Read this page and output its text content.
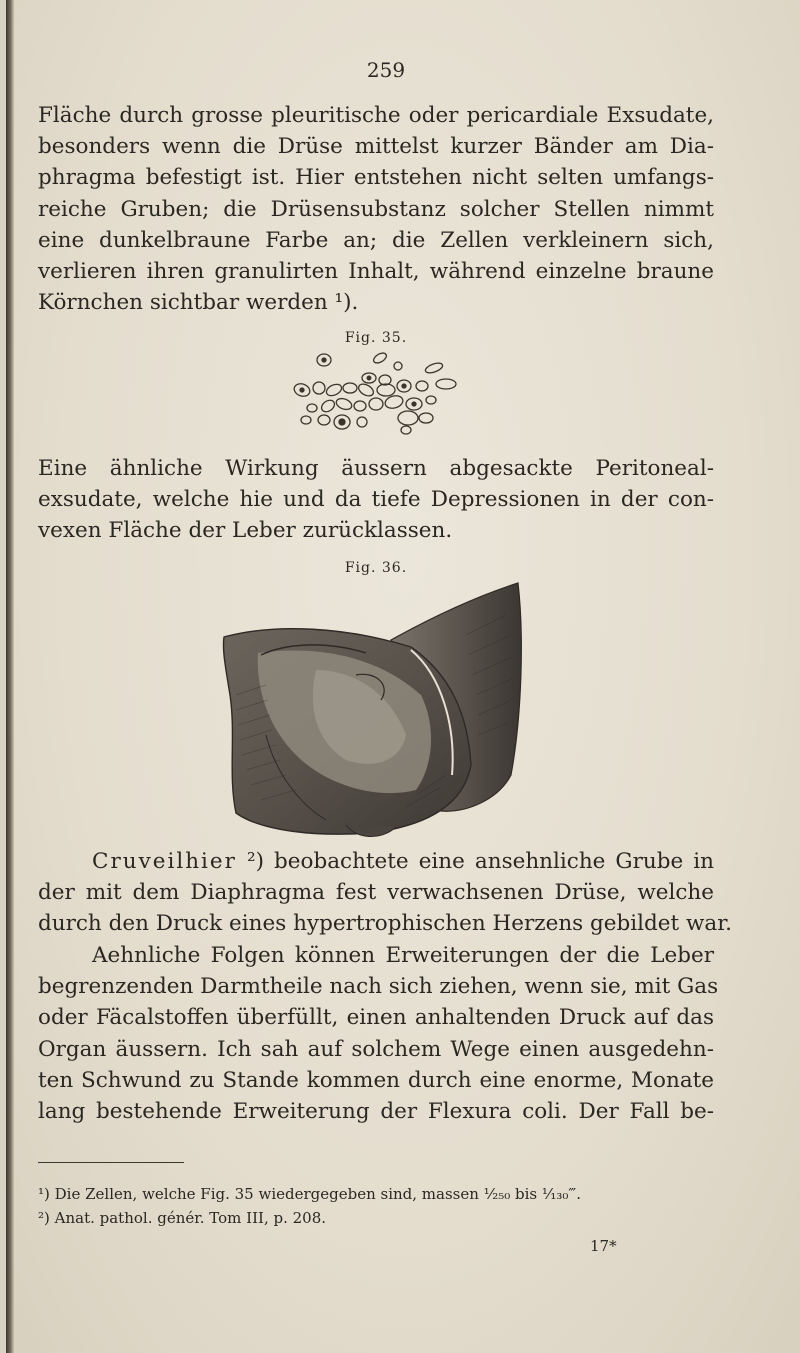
259
Fläche durch grosse pleuritische oder pericardiale Exsudate,
besonders wenn die Drüse mittelst kurzer Bänder am Dia-
phragma befestigt ist. Hier entstehen nicht selten umfangs-
reiche Gruben; die Drüsensubstanz solcher Stellen nimmt
eine dunkelbraune Farbe an; die Zellen verkleinern sich,
verlieren ihren granulirten Inhalt, während einzelne braune
Körnchen sichtbar werden ¹).
Fig. 35.
Eine ähnliche Wirkung äussern abgesackte Peritoneal-
exsudate, welche hie und da tiefe Depressionen in der con-
vexen Fläche der Leber zurücklassen.
Fig. 36.
Cruveilhier ²) beobachtete eine ansehnliche Grube in
der mit dem Diaphragma fest verwachsenen Drüse, welche
durch den Druck eines hypertrophischen Herzens gebildet war.
Aehnliche Folgen können Erweiterungen der die Leber
begrenzenden Darmtheile nach sich ziehen, wenn sie, mit Gas
oder Fäcalstoffen überfüllt, einen anhaltenden Druck auf das
Organ äussern. Ich sah auf solchem Wege einen ausgedehn-
ten Schwund zu Stande kommen durch eine enorme, Monate
lang bestehende Erweiterung der Flexura coli. Der Fall be-
¹) Die Zellen, welche Fig. 35 wiedergegeben sind, massen ¹⁄₂₅₀ bis ¹⁄₁₃₀‴.
²) Anat. pathol. génér. Tom III, p. 208.
17*
